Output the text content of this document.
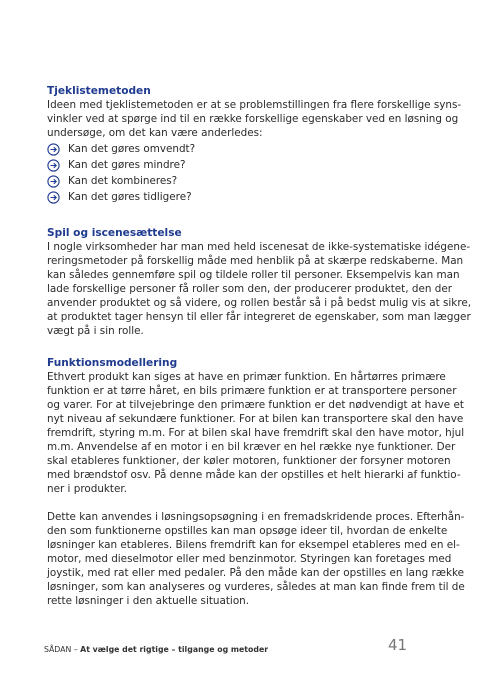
Tjeklistemetoden
Ideen med tjeklistemetoden er at se problemstillingen fra flere forskellige syns-
vinkler ved at spørge ind til en række forskellige egenskaber ved en løsning og
undersøge, om det kan være anderledes:
Kan det gøres omvendt?
Kan det gøres mindre?
Kan det kombineres?
Kan det gøres tidligere?
Spil og iscenesættelse
I nogle virksomheder har man med held iscenesat de ikke-systematiske idégene-
reringsmetoder på forskellig måde med henblik på at skærpe redskaberne. Man
kan således gennemføre spil og tildele roller til personer. Eksempelvis kan man
lade forskellige personer få roller som den, der producerer produktet, den der
anvender produktet og så videre, og rollen består så i på bedst mulig vis at sikre,
at produktet tager hensyn til eller får integreret de egenskaber, som man lægger
vægt på i sin rolle.
Funktionsmodellering
Ethvert produkt kan siges at have en primær funktion. En hårtørres primære
funktion er at tørre håret, en bils primære funktion er at transportere personer
og varer. For at tilvejebringe den primære funktion er det nødvendigt at have et
nyt niveau af sekundære funktioner. For at bilen kan transportere skal den have
fremdrift, styring m.m. For at bilen skal have fremdrift skal den have motor, hjul
m.m. Anvendelse af en motor i en bil kræver en hel række nye funktioner. Der
skal etableres funktioner, der køler motoren, funktioner der forsyner motoren
med brændstof osv. På denne måde kan der opstilles et helt hierarki af funktio-
ner i produkter.
Dette kan anvendes i løsningsopsøgning i en fremadskridende proces. Efterhån-
den som funktionerne opstilles kan man opsøge ideer til, hvordan de enkelte
løsninger kan etableres. Bilens fremdrift kan for eksempel etableres med en el-
motor, med dieselmotor eller med benzinmotor. Styringen kan foretages med
joystik, med rat eller med pedaler. På den måde kan der opstilles en lang række
løsninger, som kan analyseres og vurderes, således at man kan finde frem til de
rette løsninger i den aktuelle situation.
SÅDAN – At vælge det rigtige – tilgange og metoder	41
